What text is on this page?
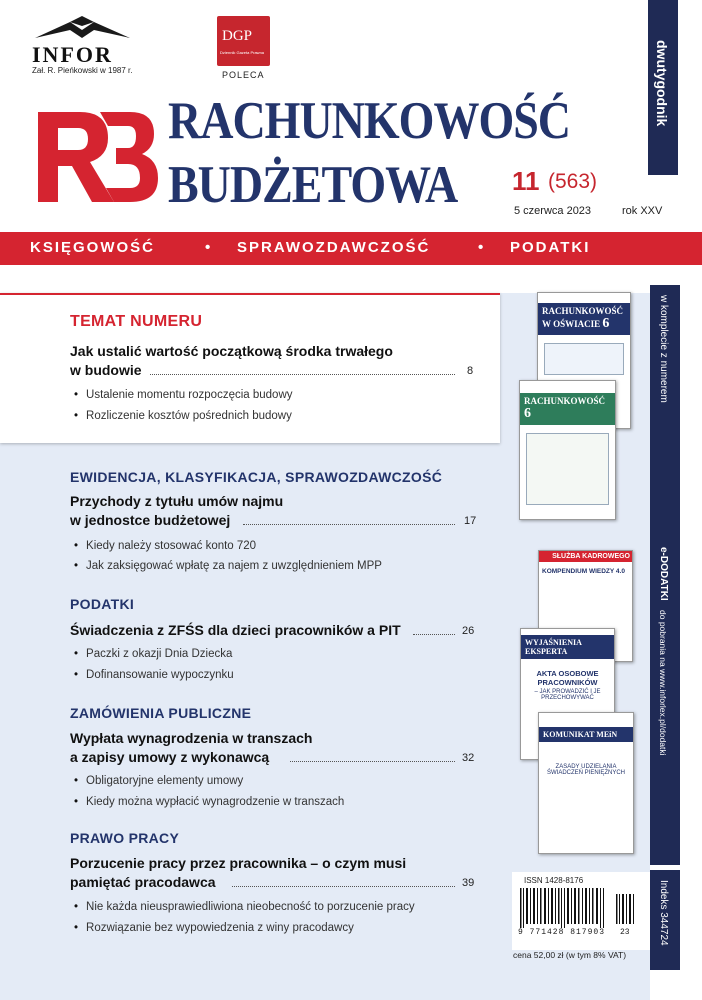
INFOR
Zał. R. Pieńkowski w 1987 r.
DGP
Dziennik Gazeta Prawna
POLECA
RACHUNKOWOŚĆ
BUDŻETOWA 11 (563)
5 czerwca 2023	rok XXV
dwutygodnik
KSIĘGOWOŚĆ	• SPRAWOZDAWCZOŚĆ	• PODATKI
TEMAT NUMERU
Jak ustalić wartość początkową środka trwałego
w budowie	8
• Ustalenie momentu rozpoczęcia budowy
• Rozliczenie kosztów pośrednich budowy
EWIDENCJA, KLASYFIKACJA, SPRAWOZDAWCZOŚĆ
Przychody z tytułu umów najmu
w jednostce budżetowej	17
• Kiedy należy stosować konto 720
• Jak zaksięgować wpłatę za najem z uwzględnieniem MPP
PODATKI
Świadczenia z ZFŚS dla dzieci pracowników a PIT	26
• Paczki z okazji Dnia Dziecka
• Dofinansowanie wypoczynku
ZAMÓWIENIA PUBLICZNE
Wypłata wynagrodzenia w transzach
a zapisy umowy z wykonawcą	32
• Obligatoryjne elementy umowy
• Kiedy można wypłacić wynagrodzenie w transzach
PRAWO PRACY
Porzucenie pracy przez pracownika – o czym musi
pamiętać pracodawca	39
• Nie każda nieusprawiedliwiona nieobecność to porzucenie pracy
• Rozwiązanie bez wypowiedzenia z winy pracodawcy
w komplecie z numerem
e-DODATKI
do pobrania na www.inforlex.pl/dodatki
RACHUNKOWOŚĆ W OŚWIACIE 6
RACHUNKOWOŚĆ 6
SŁUŻBA KADROWEGO
KOMPENDIUM WIEDZY 4.0
WYJAŚNIENIA EKSPERTA
AKTA OSOBOWE PRACOWNIKÓW
– JAK PROWADZIĆ I JE PRZECHOWYWAĆ
KOMUNIKAT MEiN
ZASADY UDZIELANIA ŚWIADCZEŃ PIENIĘŻNYCH
ISSN 1428-8176
9 771428 817903 23
cena 52,00 zł (w tym 8% VAT)
Indeks 344724
